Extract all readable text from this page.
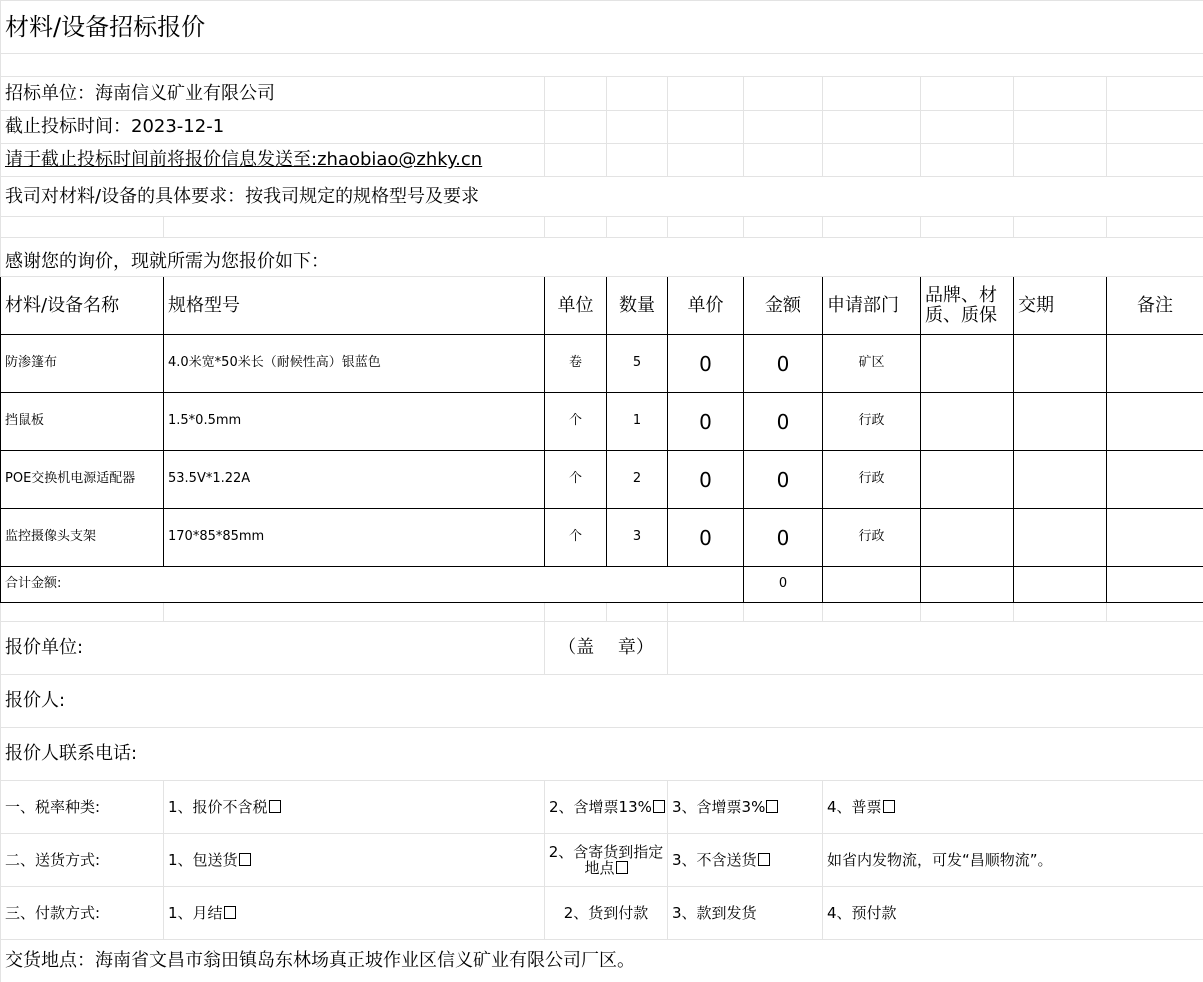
材料/设备招标报价									

招标单位：海南信义矿业有限公司									
截止投标时间：2023-12-1									
请于截止投标时间前将报价信息发送至:zhaobiao@zhky.cn									
我司对材料/设备的具体要求：按我司规定的规格型号及要求									

感谢您的询价，现就所需为您报价如下：									
材料/设备名称	规格型号	单位	数量	单价	金额	申请部门	品牌、材质、质保	交期	备注
防渗篷布	4.0米宽*50米长（耐候性高）银蓝色	卷	5	0	0	矿区			
挡鼠板	1.5*0.5mm	个	1	0	0	行政			
POE交换机电源适配器	53.5V*1.22A	个	2	0	0	行政			
监控摄像头支架	170*85*85mm	个	3	0	0	行政			
合计金额:					0				

报价单位:		（盖　 章）							
报价人:									
报价人联系电话:									
一、税率种类:	1、报价不含税	2、含增票13%		3、含增票3%		4、普票			
二、送货方式:	1、包送货	2、含寄货到指定地点		3、不含送货		如省内发物流，可发“昌顺物流”。			
三、付款方式:	1、月结	2、货到付款		3、款到发货		4、预付款			
交货地点：海南省文昌市翁田镇岛东林场真正坡作业区信义矿业有限公司厂区。									
